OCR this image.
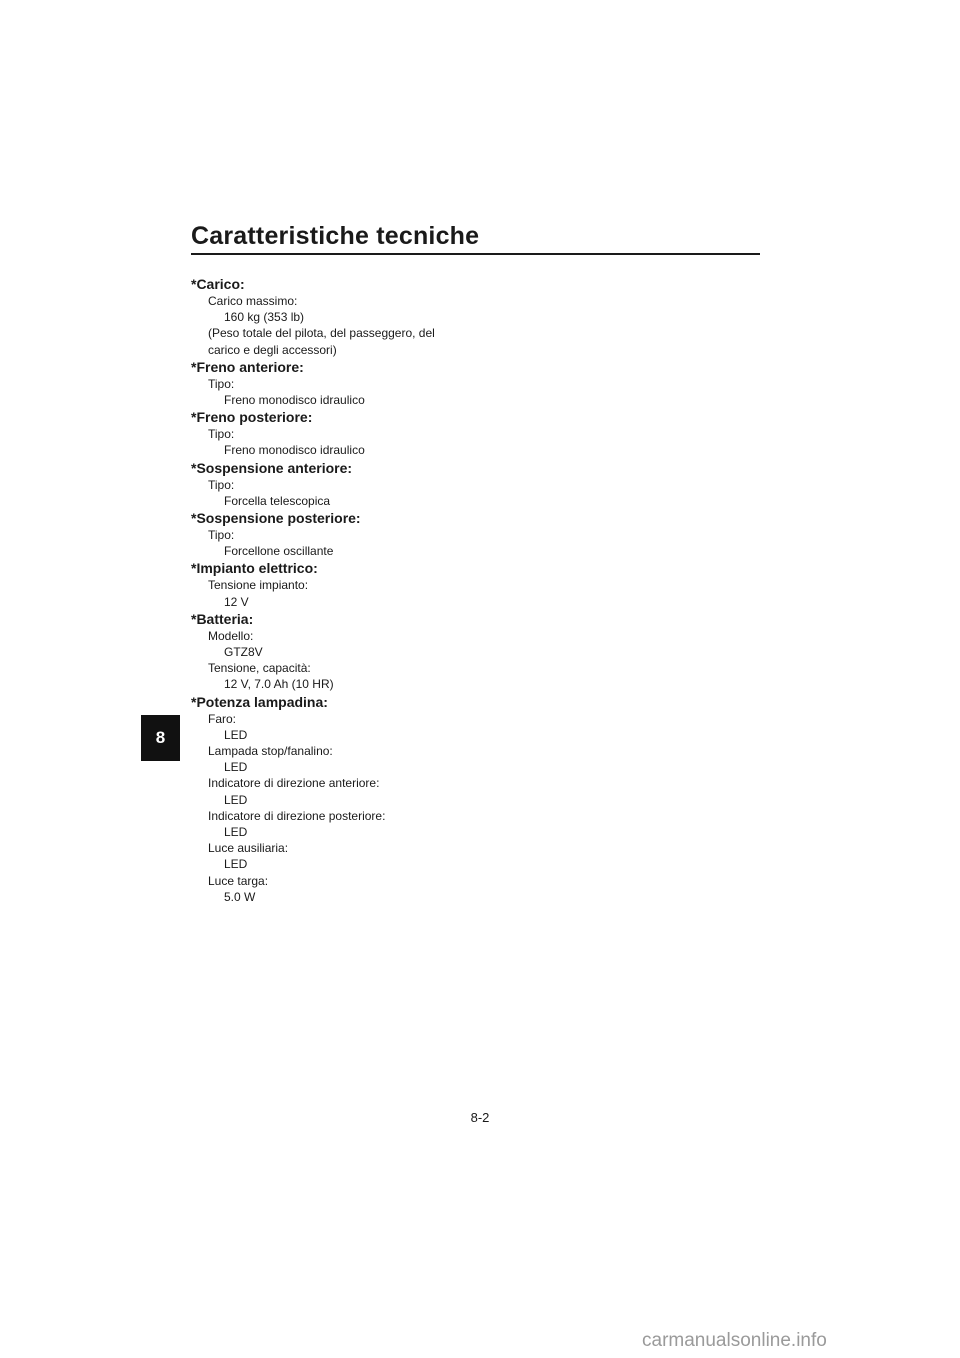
Caratteristiche tecniche
8
*Carico:
Carico massimo:
160 kg (353 lb)
(Peso totale del pilota, del passeggero, del
carico e degli accessori)
*Freno anteriore:
Tipo:
Freno monodisco idraulico
*Freno posteriore:
Tipo:
Freno monodisco idraulico
*Sospensione anteriore:
Tipo:
Forcella telescopica
*Sospensione posteriore:
Tipo:
Forcellone oscillante
*Impianto elettrico:
Tensione impianto:
12 V
*Batteria:
Modello:
GTZ8V
Tensione, capacità:
12 V, 7.0 Ah (10 HR)
*Potenza lampadina:
Faro:
LED
Lampada stop/fanalino:
LED
Indicatore di direzione anteriore:
LED
Indicatore di direzione posteriore:
LED
Luce ausiliaria:
LED
Luce targa:
5.0 W
8-2
carmanualsonline.info
